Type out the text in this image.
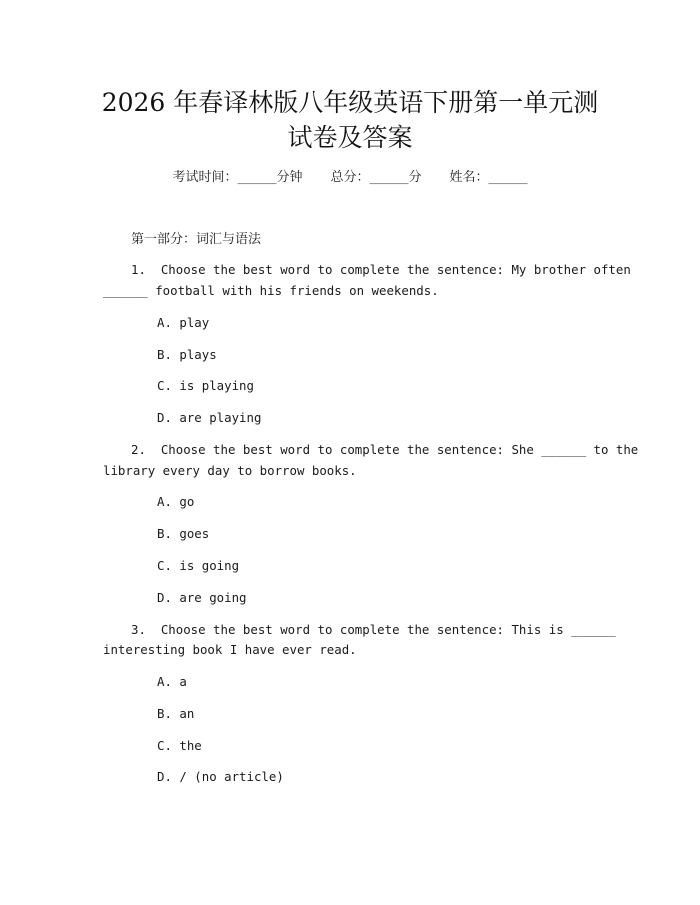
2026 年春译林版八年级英语下册第一单元测
试卷及答案
考试时间：______分钟 总分：______分 姓名：______
第一部分：词汇与语法
1.  Choose the best word to complete the sentence: My brother often
______ football with his friends on weekends.
A. play
B. plays
C. is playing
D. are playing
2.  Choose the best word to complete the sentence: She ______ to the
library every day to borrow books.
A. go
B. goes
C. is going
D. are going
3.  Choose the best word to complete the sentence: This is ______
interesting book I have ever read.
A. a
B. an
C. the
D. / (no article)
